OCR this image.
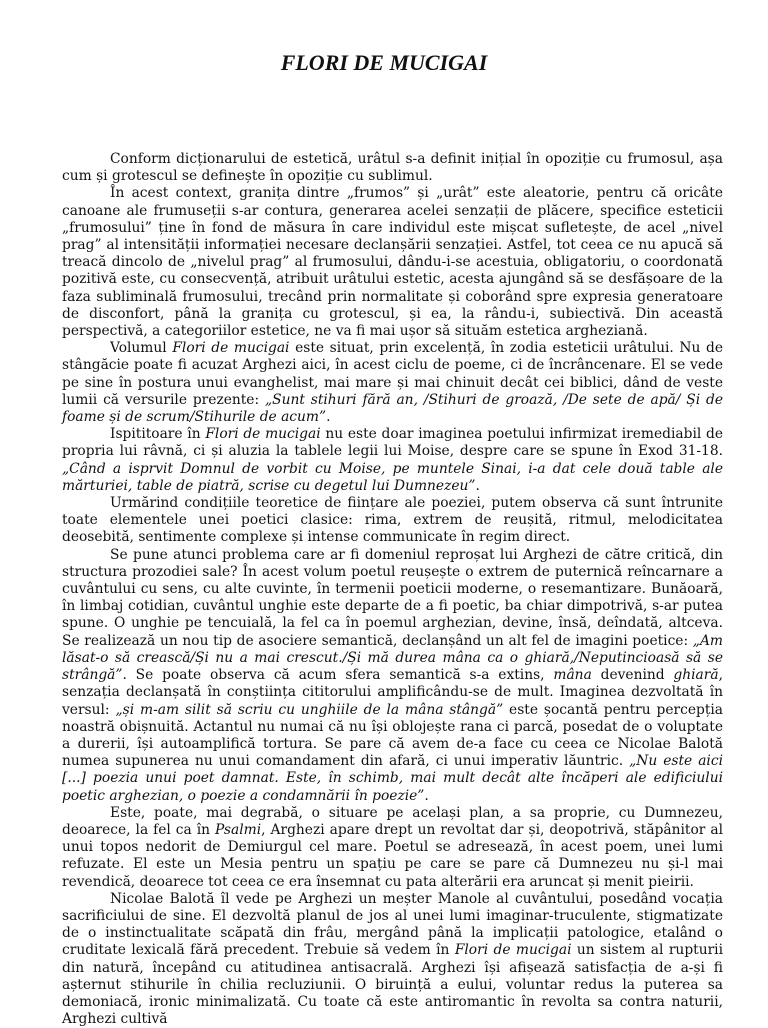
FLORI DE MUCIGAI

Conform dicționarului de estetică, urâtul s-a definit inițial în opoziție cu frumosul, așa cum și grotescul se definește în opoziție cu sublimul.

În acest context, granița dintre „frumos” și „urât” este aleatorie, pentru că oricâte canoane ale frumuseții s-ar contura, generarea acelei senzații de plăcere, specifice esteticii „frumosului” ține în fond de măsura în care individul este mișcat sufletește, de acel „nivel prag” al intensității informației necesare declanșării senzației. Astfel, tot ceea ce nu apucă să treacă dincolo de „nivelul prag” al frumosului, dându-i-se acestuia, obligatoriu, o coordonată pozitivă este, cu consecvență, atribuit urâtului estetic, acesta ajungând să se desfășoare de la faza subliminală frumosului, trecând prin normalitate și coborând spre expresia generatoare de disconfort, până la granița cu grotescul, și ea, la rându-i, subiectivă. Din această perspectivă, a categoriilor estetice, ne va fi mai ușor să situăm estetica argheziană.

Volumul Flori de mucigai este situat, prin excelență, în zodia esteticii urâtului. Nu de stângăcie poate fi acuzat Arghezi aici, în acest ciclu de poeme, ci de încrâncenare. El se vede pe sine în postura unui evanghelist, mai mare și mai chinuit decât cei biblici, dând de veste lumii că versurile prezente: „Sunt stihuri fără an, /Stihuri de groază, /De sete de apă/ Și de foame și de scrum/Stihurile de acum”.

Ispititoare în Flori de mucigai nu este doar imaginea poetului infirmizat iremediabil de propria lui râvnă, ci și aluzia la tablele legii lui Moise, despre care se spune în Exod 31-18. „Când a isprvit Domnul de vorbit cu Moise, pe muntele Sinai, i-a dat cele două table ale mărturiei, table de piatră, scrise cu degetul lui Dumnezeu”.

Urmărind condițiile teoretice de ființare ale poeziei, putem observa că sunt întrunite toate elementele unei poetici clasice: rima, extrem de reușită, ritmul, melodicitatea deosebită, sentimente complexe și intense communicate în regim direct.

Se pune atunci problema care ar fi domeniul reproșat lui Arghezi de către critică, din structura prozodiei sale? În acest volum poetul reușește o extrem de puternică reîncarnare a cuvântului cu sens, cu alte cuvinte, în termenii poeticii moderne, o resemantizare. Bunăoară, în limbaj cotidian, cuvântul unghie este departe de a fi poetic, ba chiar dimpotrivă, s-ar putea spune. O unghie pe tencuială, la fel ca în poemul arghezian, devine, însă, deîndată, altceva. Se realizează un nou tip de asociere semantică, declanșând un alt fel de imagini poetice: „Am lăsat-o să crească/Și nu a mai crescut./Și mă durea mâna ca o ghiară,/Neputincioasă să se strângă”. Se poate observa că acum sfera semantică s-a extins, mâna devenind ghiară, senzația declanșată în conștiința cititorului amplificându-se de mult. Imaginea dezvoltată în versul: „și m-am silit să scriu cu unghiile de la mâna stângă” este șocantă pentru percepția noastră obișnuită. Actantul nu numai că nu își oblojește rana ci parcă, posedat de o voluptate a durerii, își autoamplifică tortura. Se pare că avem de-a face cu ceea ce Nicolae Balotă numea supunerea nu unui comandament din afară, ci unui imperativ lăuntric. „Nu este aici [...] poezia unui poet damnat. Este, în schimb, mai mult decât alte încăperi ale edificiului poetic arghezian, o poezie a condamnării în poezie”.

Este, poate, mai degrabă, o situare pe același plan, a sa proprie, cu Dumnezeu, deoarece, la fel ca în Psalmi, Arghezi apare drept un revoltat dar și, deopotrivă, stăpânitor al unui topos nedorit de Demiurgul cel mare. Poetul se adresează, în acest poem, unei lumi refuzate. El este un Mesia pentru un spațiu pe care se pare că Dumnezeu nu și-l mai revendică, deoarece tot ceea ce era însemnat cu pata alterării era aruncat și menit pieirii.

Nicolae Balotă îl vede pe Arghezi un meșter Manole al cuvântului, posedând vocația sacrificiului de sine. El dezvoltă planul de jos al unei lumi imaginar-truculente, stigmatizate de o instinctualitate scăpată din frâu, mergând până la implicații patologice, etalând o cruditate lexicală fără precedent. Trebuie să vedem în Flori de mucigai un sistem al rupturii din natură, începând cu atitudinea antisacrală. Arghezi își afișează satisfacția de a-și fi așternut stihurile în chilia recluziunii. O biruință a eului, voluntar redus la puterea sa demoniacă, ironic minimalizată. Cu toate că este antiromantic în revolta sa contra naturii, Arghezi cultivă
